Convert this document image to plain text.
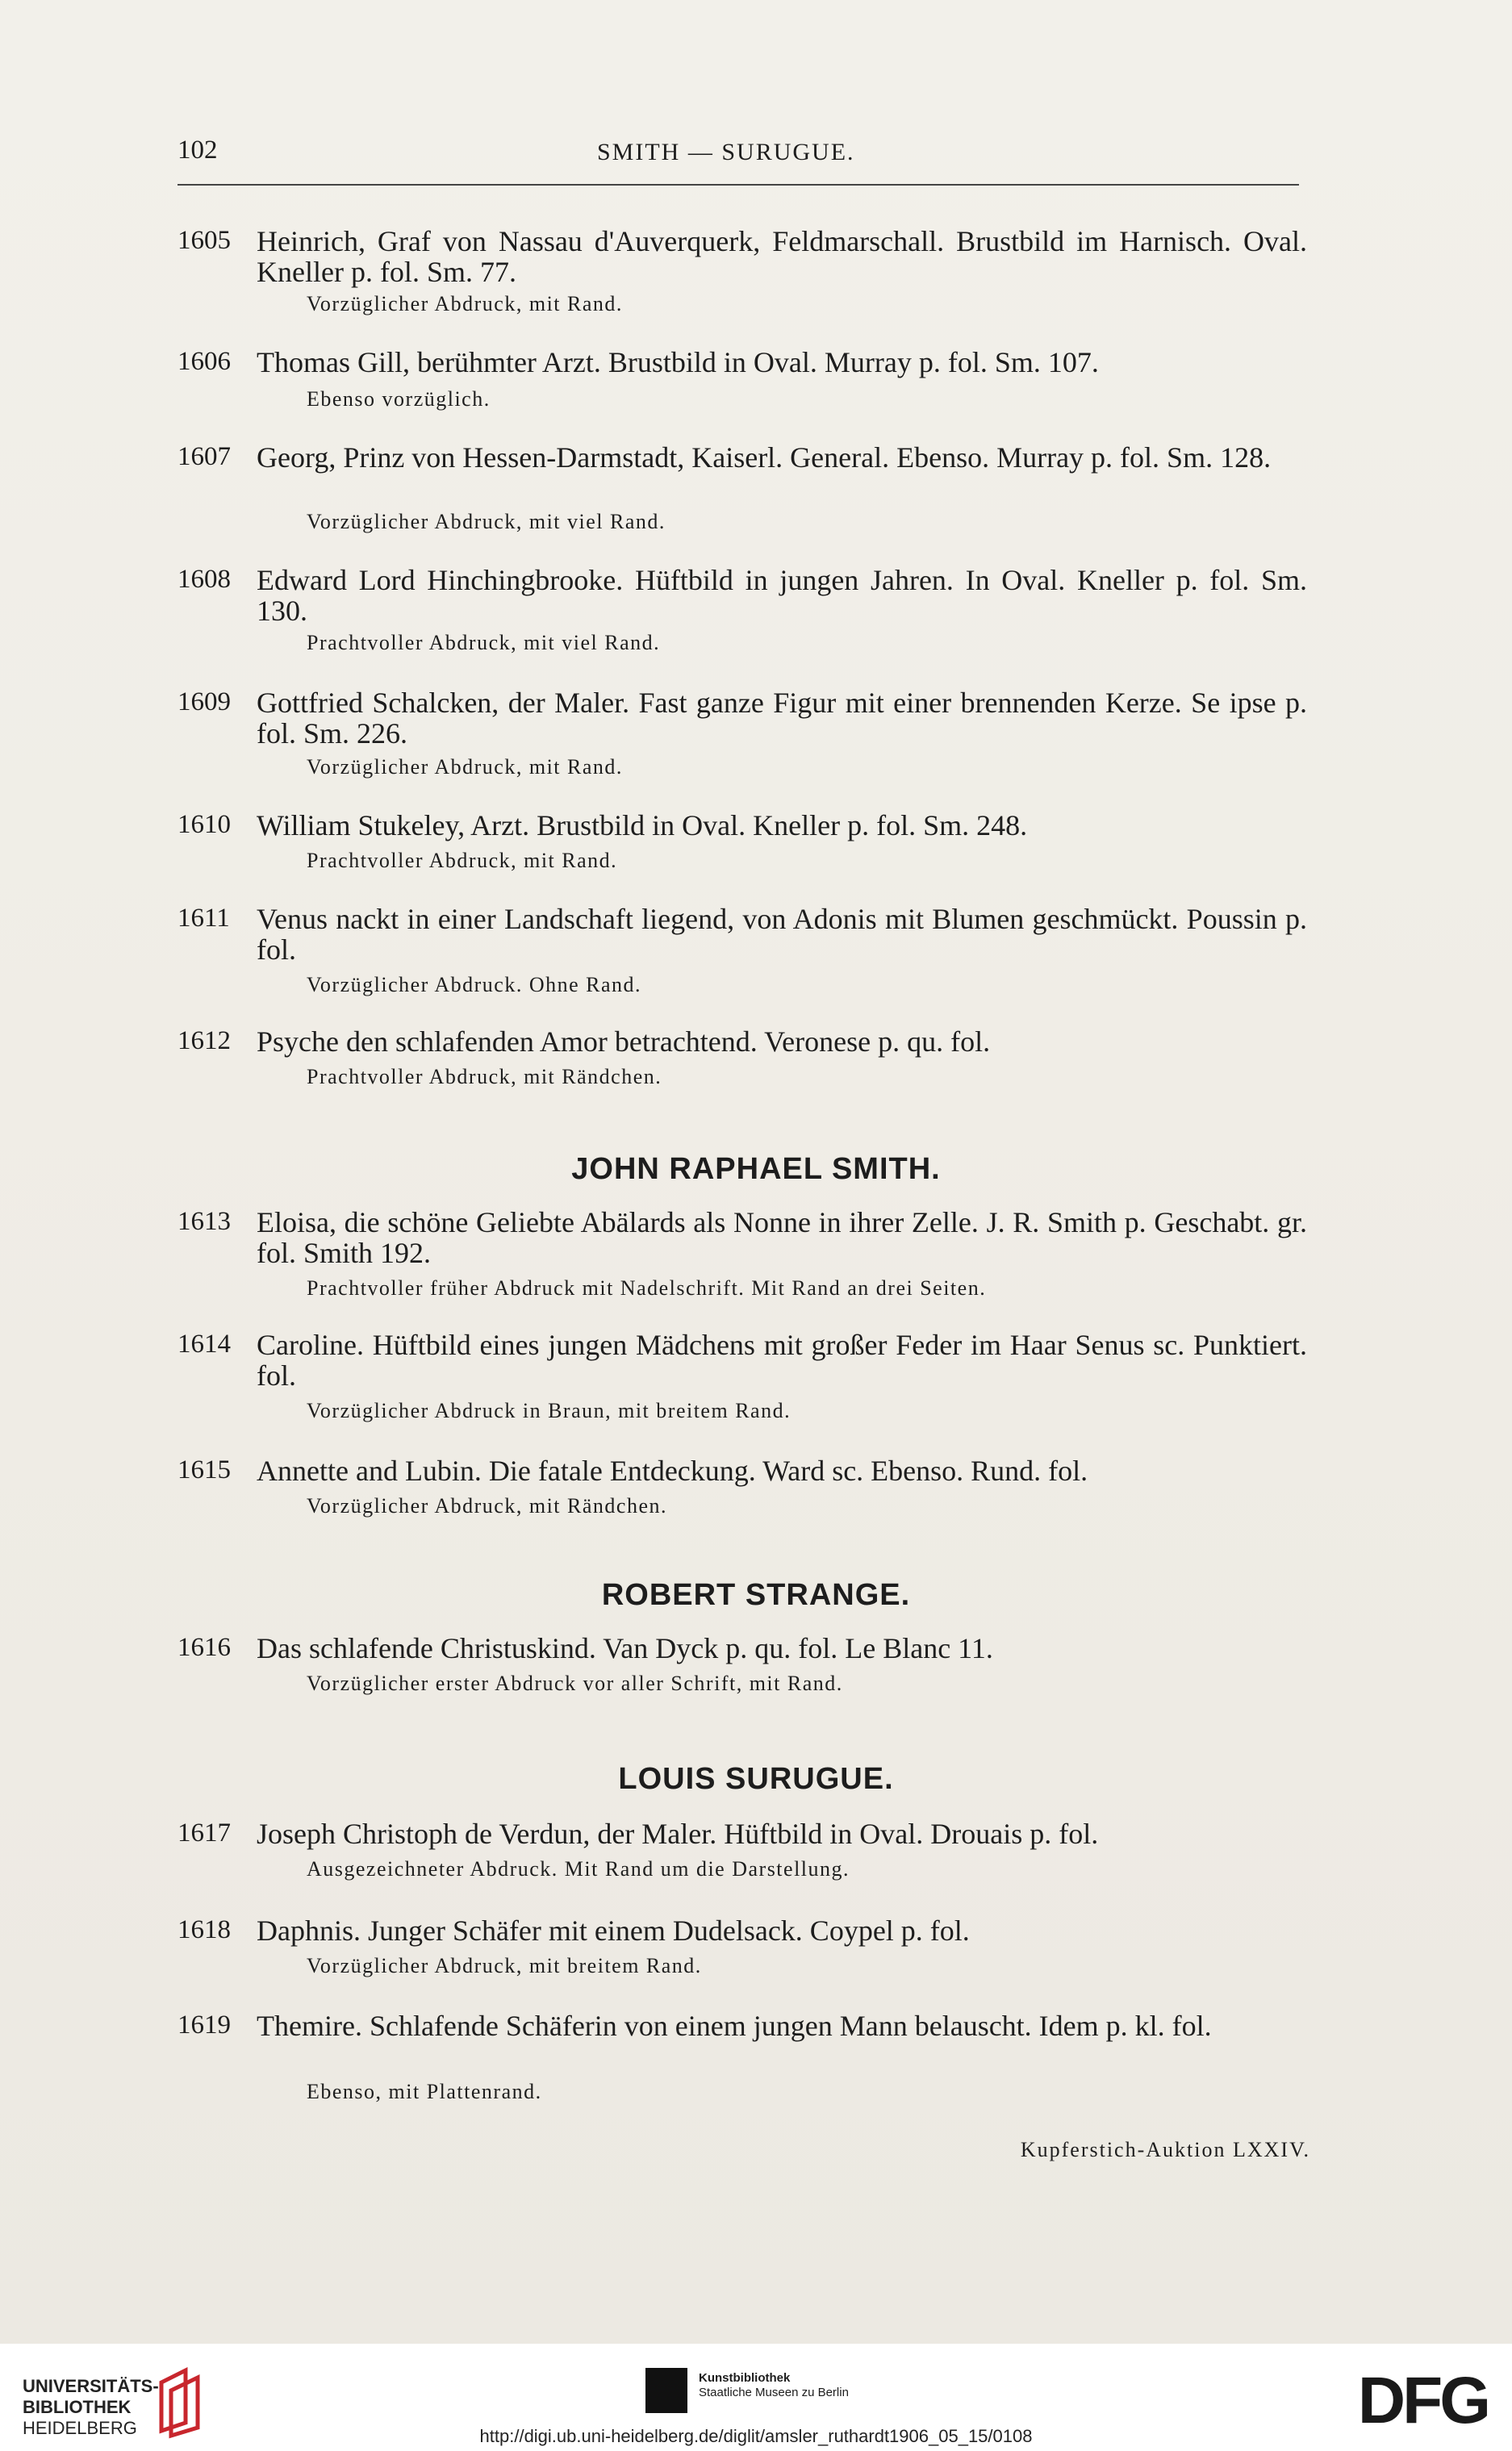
102	SMITH — SURUGUE.
1605 Heinrich, Graf von Nassau d'Auverquerk, Feldmarschall. Brustbild im Harnisch. Oval. Kneller p. fol. Sm. 77.
Vorzüglicher Abdruck, mit Rand.
1606 Thomas Gill, berühmter Arzt. Brustbild in Oval. Murray p. fol. Sm. 107.
Ebenso vorzüglich.
1607 Georg, Prinz von Hessen-Darmstadt, Kaiserl. General. Ebenso. Murray p. fol. Sm. 128.
Vorzüglicher Abdruck, mit viel Rand.
1608 Edward Lord Hinchingbrooke. Hüftbild in jungen Jahren. In Oval. Kneller p. fol. Sm. 130.
Prachtvoller Abdruck, mit viel Rand.
1609 Gottfried Schalcken, der Maler. Fast ganze Figur mit einer brennenden Kerze. Se ipse p. fol. Sm. 226.
Vorzüglicher Abdruck, mit Rand.
1610 William Stukeley, Arzt. Brustbild in Oval. Kneller p. fol. Sm. 248.
Prachtvoller Abdruck, mit Rand.
1611 Venus nackt in einer Landschaft liegend, von Adonis mit Blumen geschmückt. Poussin p. fol.
Vorzüglicher Abdruck. Ohne Rand.
1612 Psyche den schlafenden Amor betrachtend. Veronese p. qu. fol.
Prachtvoller Abdruck, mit Rändchen.
JOHN RAPHAEL SMITH.
1613 Eloisa, die schöne Geliebte Abälards als Nonne in ihrer Zelle. J. R. Smith p. Geschabt. gr. fol. Smith 192.
Prachtvoller früher Abdruck mit Nadelschrift. Mit Rand an drei Seiten.
1614 Caroline. Hüftbild eines jungen Mädchens mit großer Feder im Haar Senus sc. Punktiert. fol.
Vorzüglicher Abdruck in Braun, mit breitem Rand.
1615 Annette and Lubin. Die fatale Entdeckung. Ward sc. Ebenso. Rund. fol.
Vorzüglicher Abdruck, mit Rändchen.
ROBERT STRANGE.
1616 Das schlafende Christuskind. Van Dyck p. qu. fol. Le Blanc 11.
Vorzüglicher erster Abdruck vor aller Schrift, mit Rand.
LOUIS SURUGUE.
1617 Joseph Christoph de Verdun, der Maler. Hüftbild in Oval. Drouais p. fol.
Ausgezeichneter Abdruck. Mit Rand um die Darstellung.
1618 Daphnis. Junger Schäfer mit einem Dudelsack. Coypel p. fol.
Vorzüglicher Abdruck, mit breitem Rand.
1619 Themire. Schlafende Schäferin von einem jungen Mann belauscht. Idem p. kl. fol.
Ebenso, mit Plattenrand.
Kupferstich-Auktion LXXIV.
UNIVERSITÄTS-
BIBLIOTHEK
HEIDELBERG
Kunstbibliothek
Staatliche Museen zu Berlin	DFG
http://digi.ub.uni-heidelberg.de/diglit/amsler_ruthardt1906_05_15/0108
